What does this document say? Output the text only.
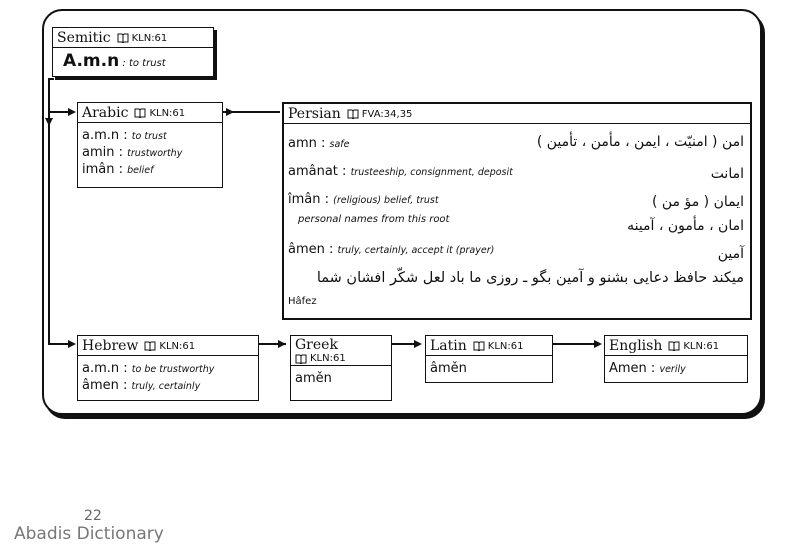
Semitic KLN:61
A.m.n : to trust
Arabic KLN:61
a.m.n : to trust
amin : trustworthy
imân : belief
Persian FVA:34,35
amn : safe	امن ( امنيّت ، ايمن ، مأمن ، تأمين )
amânat : trusteeship, consignment, deposit	امانت
îmân : (religious) belief, trust	ايمان ( مؤ من )
personal names from this root	امان ، مأمون ، آمينه
âmen : truly, certainly, accept it (prayer)	آمين
ميكند حافظ دعايى بشنو و آمين بگو ـ روزى ما باد لعل شكّر افشان شما
Hâfez
Hebrew KLN:61
a.m.n : to be trustworthy
âmen : truly, certainly
Greek
KLN:61
aměn
Latin KLN:61
âměn
English KLN:61
Amen : verily
22
Abadis Dictionary
